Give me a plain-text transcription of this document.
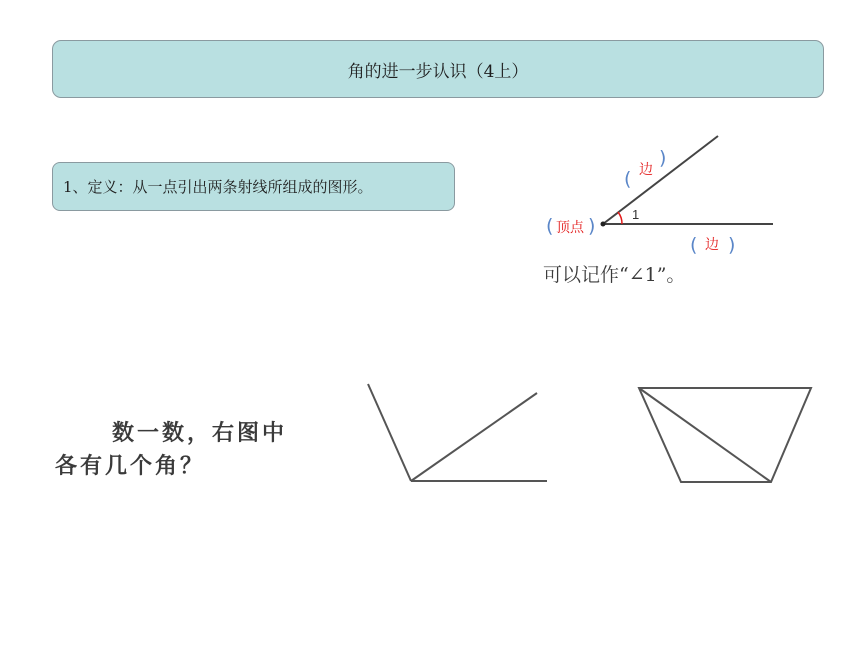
角的进一步认识（4上）
1、定义：从一点引出两条射线所组成的图形。
1
( 边
)
( 顶点 )
( 边 )
可以记作“∠1”。
数一数，右图中
各有几个角？
